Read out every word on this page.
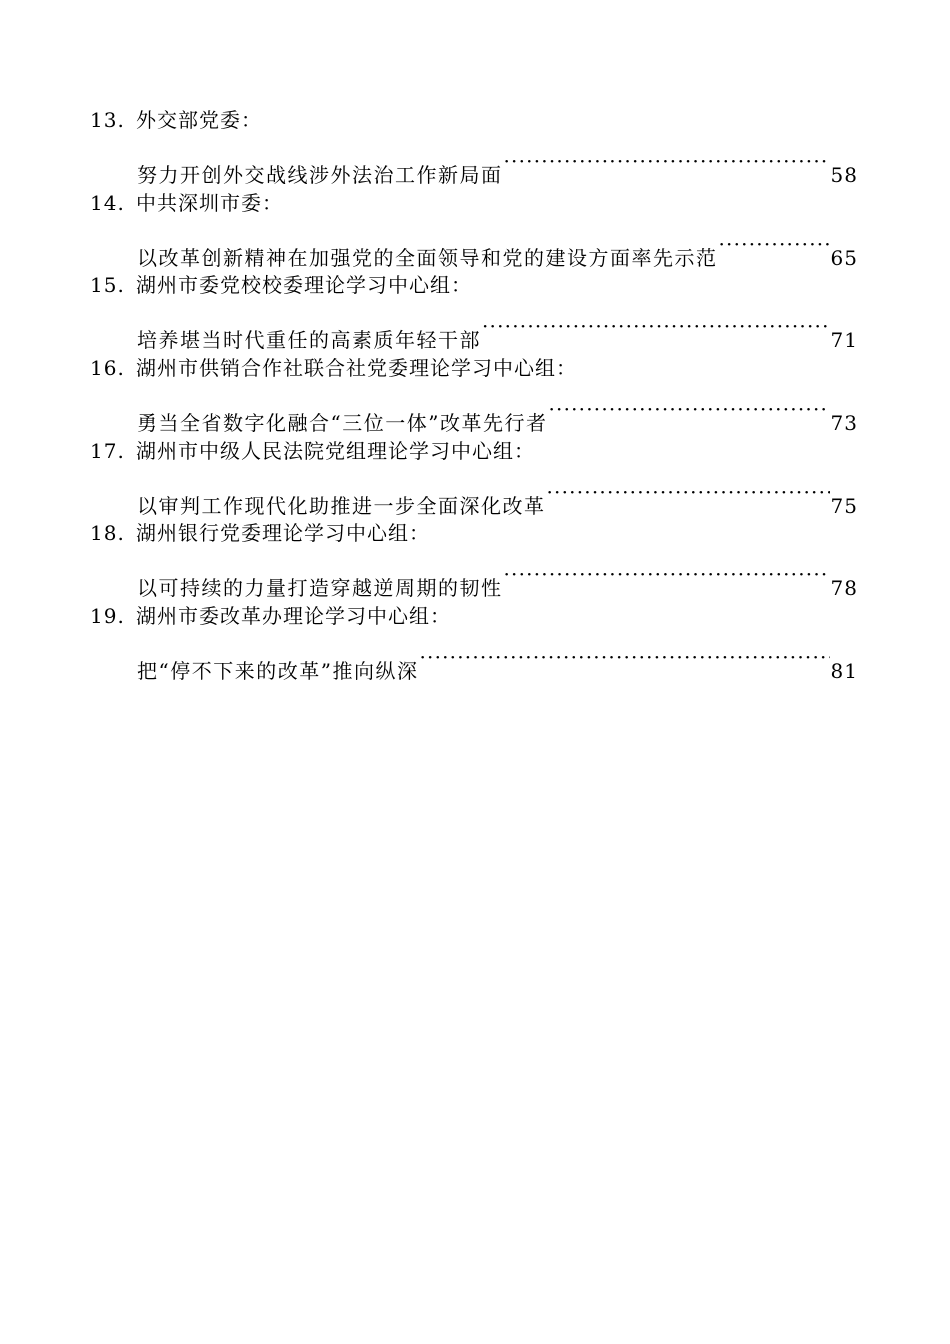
13. 外交部党委：
努力开创外交战线涉外法治工作新局面 ·····	58
14. 中共深圳市委：
以改革创新精神在加强党的全面领导和党的建设方面率先示范 ·····	65
15. 湖州市委党校校委理论学习中心组：
培养堪当时代重任的高素质年轻干部 ·····	71
16. 湖州市供销合作社联合社党委理论学习中心组：
勇当全省数字化融合“三位一体”改革先行者 ·····	73
17. 湖州市中级人民法院党组理论学习中心组：
以审判工作现代化助推进一步全面深化改革 ·····	75
18. 湖州银行党委理论学习中心组：
以可持续的力量打造穿越逆周期的韧性 ·····	78
19. 湖州市委改革办理论学习中心组：
把“停不下来的改革”推向纵深 ·····	81
